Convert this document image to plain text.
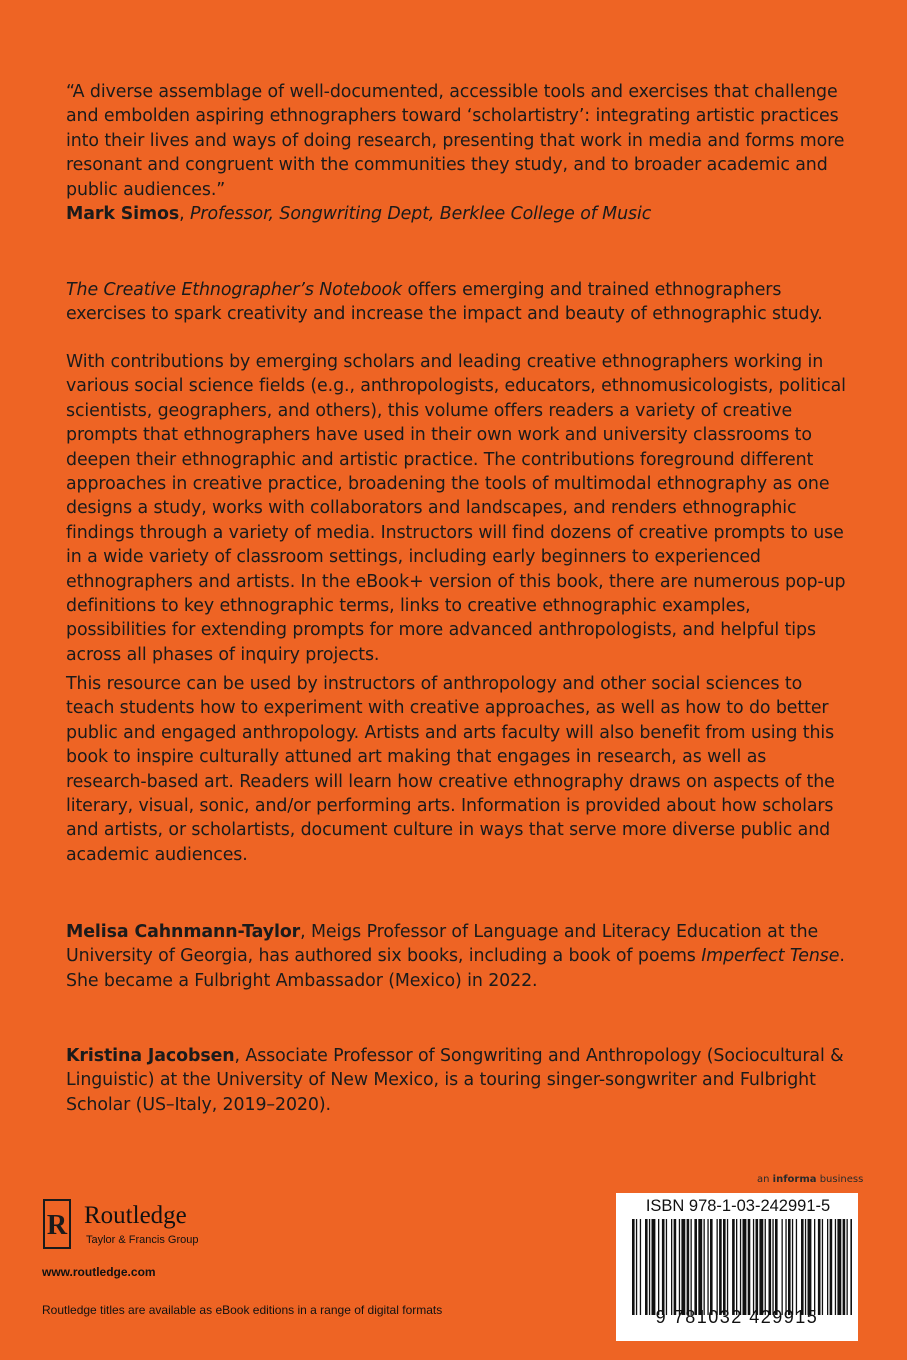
“A diverse assemblage of well-documented, accessible tools and exercises that challenge and embolden aspiring ethnographers toward ‘scholartistry’: integrating artistic practices into their lives and ways of doing research, presenting that work in media and forms more resonant and congruent with the communities they study, and to broader academic and public audiences.”

Mark Simos, Professor, Songwriting Dept, Berklee College of Music

The Creative Ethnographer’s Notebook offers emerging and trained ethnographers exercises to spark creativity and increase the impact and beauty of ethnographic study.

With contributions by emerging scholars and leading creative ethnographers working in various social science fields (e.g., anthropologists, educators, ethnomusicologists, political scientists, geographers, and others), this volume offers readers a variety of creative prompts that ethnographers have used in their own work and university classrooms to deepen their ethnographic and artistic practice. The contributions foreground different approaches in creative practice, broadening the tools of multimodal ethnography as one designs a study, works with collaborators and landscapes, and renders ethnographic findings through a variety of media. Instructors will find dozens of creative prompts to use in a wide variety of classroom settings, including early beginners to experienced ethnographers and artists. In the eBook+ version of this book, there are numerous pop-up definitions to key ethnographic terms, links to creative ethnographic examples, possibilities for extending prompts for more advanced anthropologists, and helpful tips across all phases of inquiry projects.

This resource can be used by instructors of anthropology and other social sciences to teach students how to experiment with creative approaches, as well as how to do better public and engaged anthropology. Artists and arts faculty will also benefit from using this book to inspire culturally attuned art making that engages in research, as well as research-based art. Readers will learn how creative ethnography draws on aspects of the literary, visual, sonic, and/or performing arts. Information is provided about how scholars and artists, or scholartists, document culture in ways that serve more diverse public and academic audiences.

Melisa Cahnmann-Taylor, Meigs Professor of Language and Literacy Education at the University of Georgia, has authored six books, including a book of poems Imperfect Tense. She became a Fulbright Ambassador (Mexico) in 2022.

Kristina Jacobsen, Associate Professor of Songwriting and Anthropology (Sociocultural & Linguistic) at the University of New Mexico, is a touring singer-songwriter and Fulbright Scholar (US–Italy, 2019–2020).

an informa business
ISBN 978-1-03-242991-5
9 781032 429915
R Routledge
Taylor & Francis Group
www.routledge.com
Routledge titles are available as eBook editions in a range of digital formats
